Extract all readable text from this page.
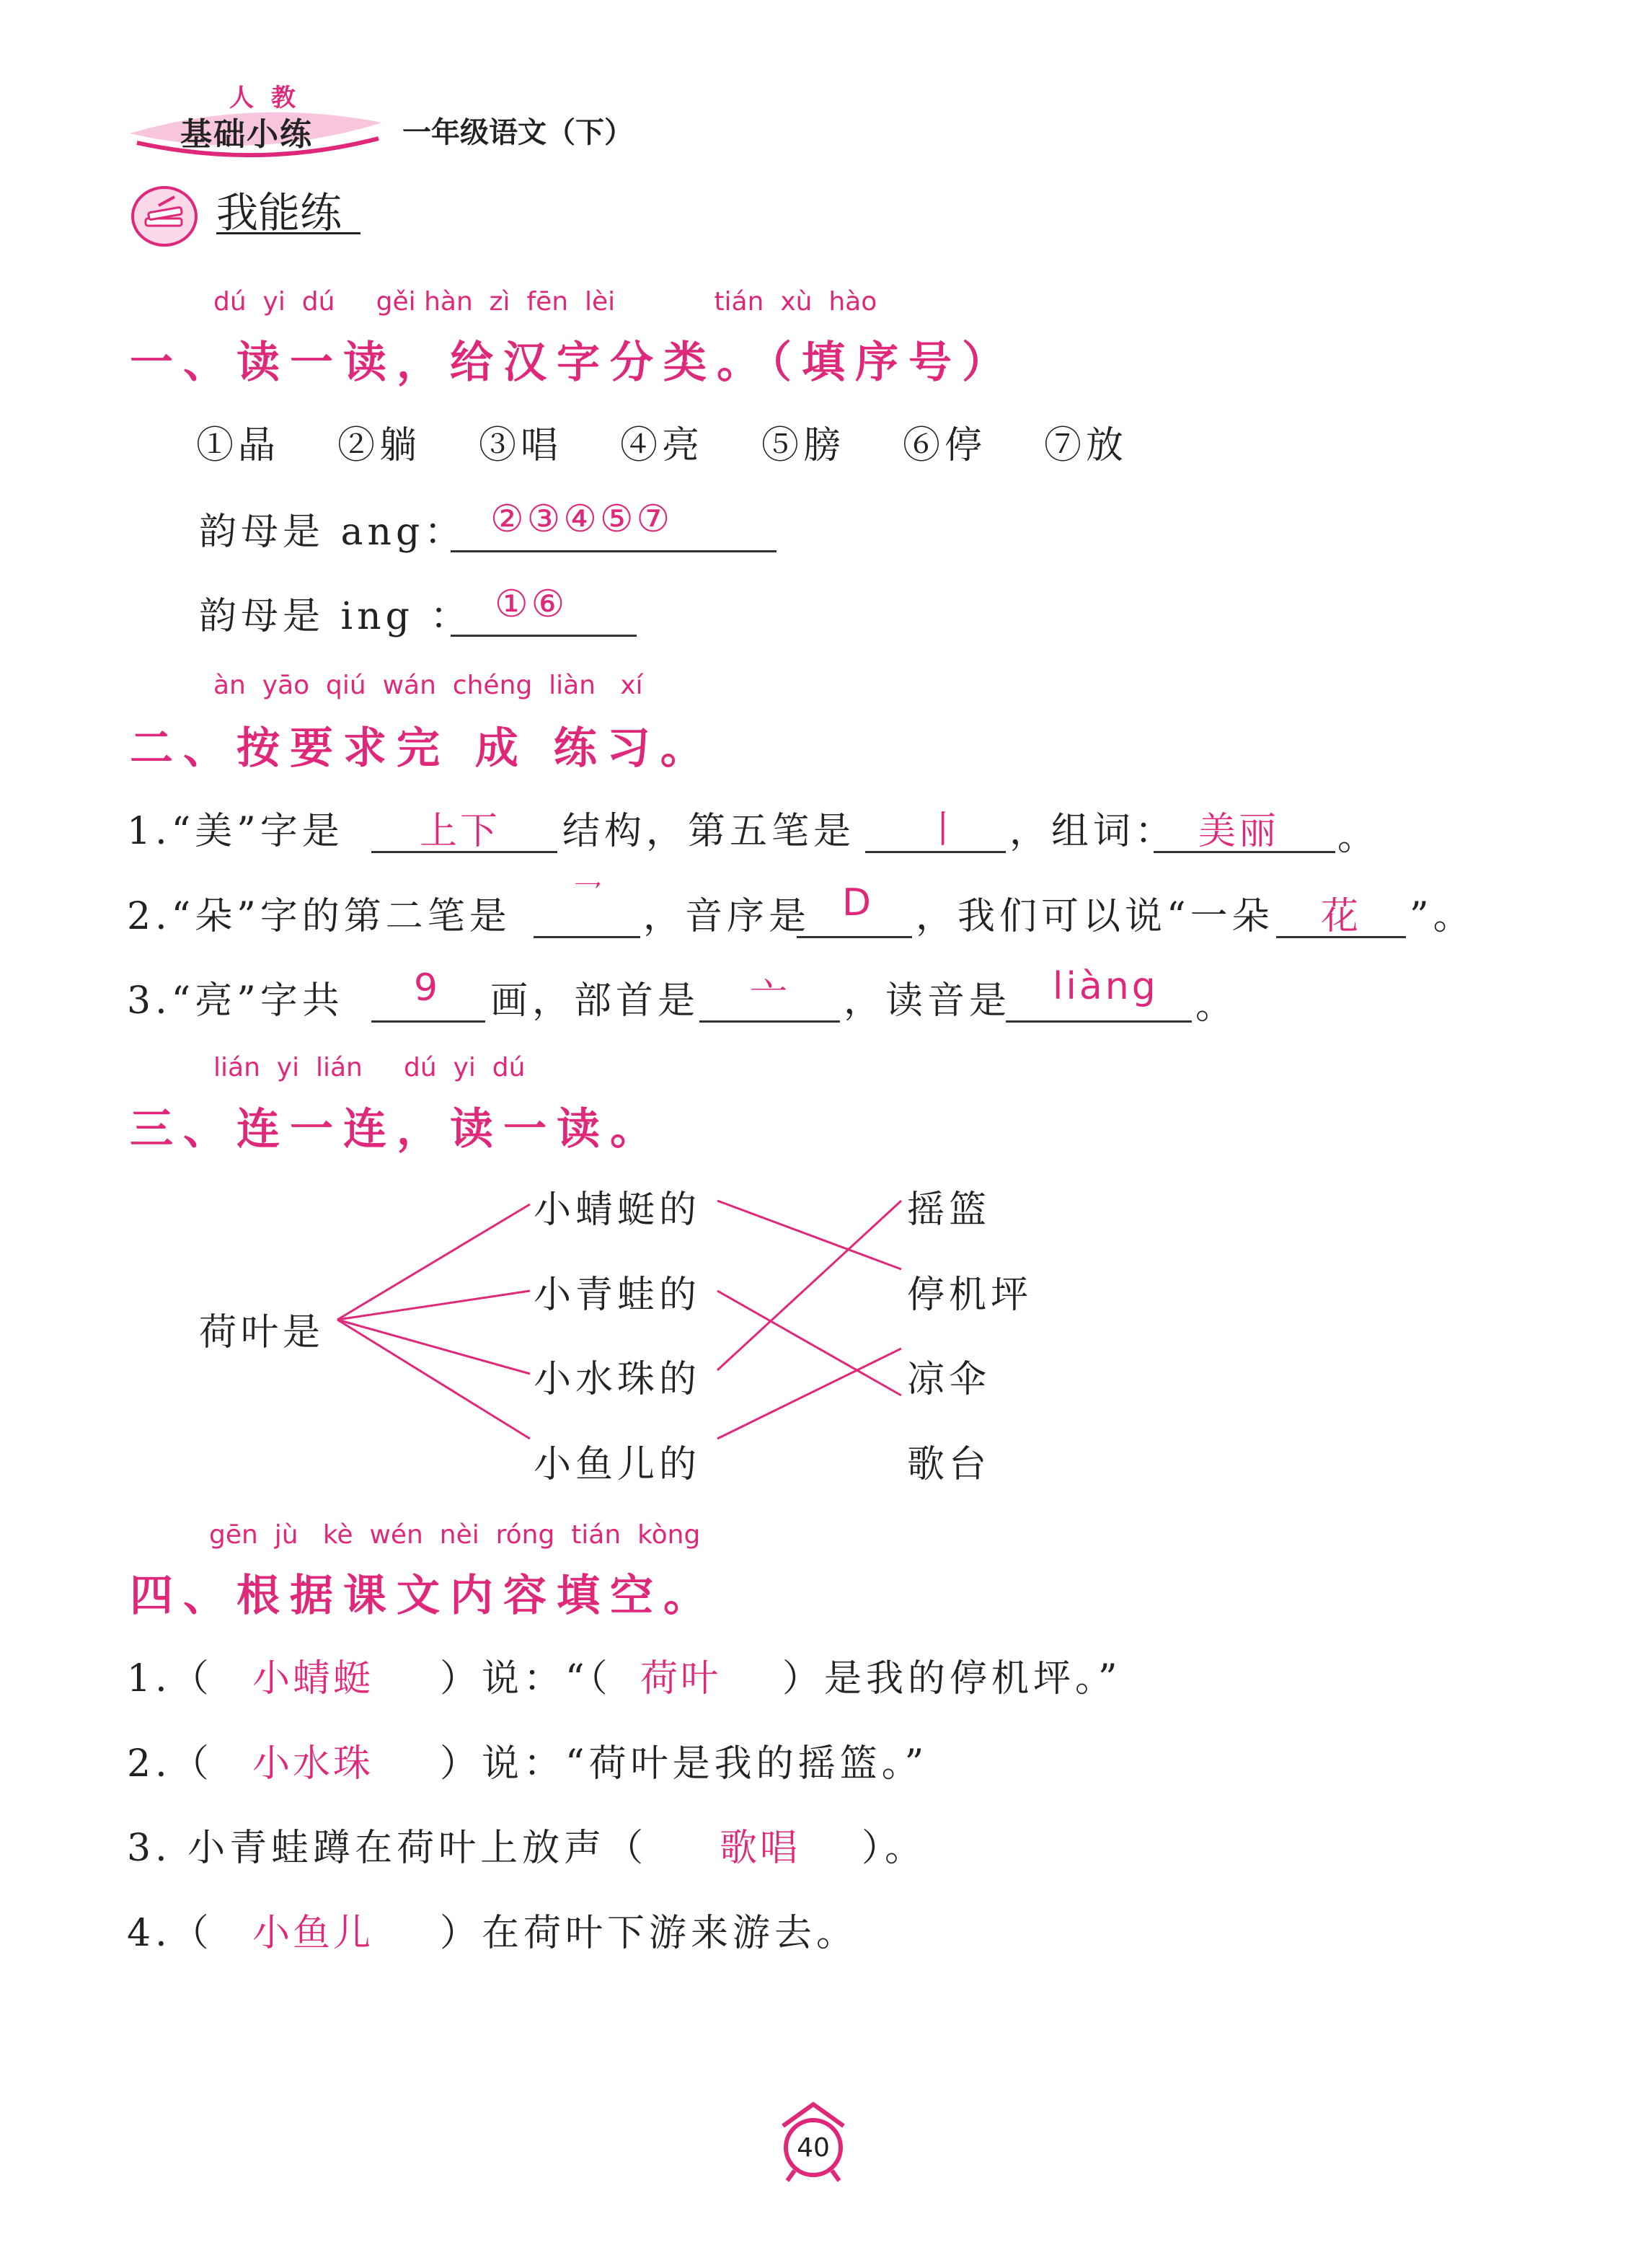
人 教
基础小练	一年级语文（下）
我能练
dú  yi  dú     gěi hàn  zì  fēn  lèi            tián  xù  hào
一、读一读，给汉字分类。（填序号）
①晶 ②躺 ③唱 ④亮 ⑤膀 ⑥停 ⑦放
韵母是 ang： ②③④⑤⑦
韵母是 ing ： ①⑥
àn  yāo  qiú  wán  chéng  liàn   xí
二、按要求完 成 练习。
1.“美”字是 上下 结构，第五笔是 丨 ，组词： 美丽 。
2.“朵”字的第二笔是 乛 ，音序是 D ，我们可以说“一朵 花 ”。
3.“亮”字共 9 画，部首是 亠 ，读音是 liàng 。
lián  yi  lián     dú  yi  dú
三、连一连，读一读。
荷叶是
小蜻蜓的
小青蛙的
小水珠的
小鱼儿的
摇篮
停机坪
凉伞
歌台
gēn  jù   kè  wén  nèi  róng  tián  kòng
四、根据课文内容填空。
1.（ 小蜻蜓 ）说：“（ 荷叶 ）是我的停机坪。”
2.（ 小水珠 ）说：“荷叶是我的摇篮。”
3. 小青蛙蹲在荷叶上放声（ 歌唱 ）。
4.（ 小鱼儿 ）在荷叶下游来游去。
40
